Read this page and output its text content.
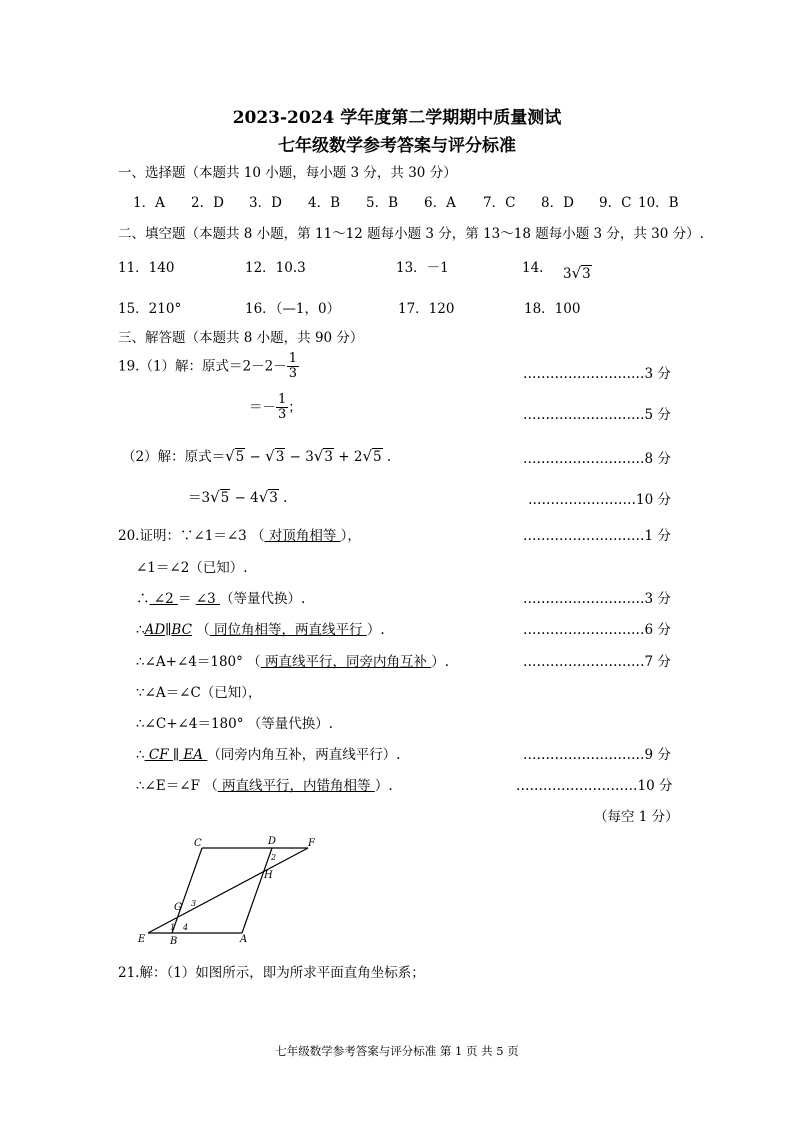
2023-2024 学年度第二学期期中质量测试
七年级数学参考答案与评分标准
一、选择题（本题共 10 小题，每小题 3 分，共 30 分）
1．A 2．D 3．D 4．B 5．B 6．A 7．C 8．D 9．C 10．B
二、填空题（本题共 8 小题，第 11～12 题每小题 3 分，第 13～18 题每小题 3 分，共 30 分）.
11．140	12．10.3	13．－1	14． 3√3
15．210°	16．（—1，0）	17．120	18．100
三、解答题（本题共 8 小题，共 90 分）
19.（1）解：原式$=2-2- \frac{1}{3}$	………………………3 分
＝－ $\frac{1}{3}$ ；	………………………5 分
（2）解：原式＝√5 − √3 − 3√3 + 2√5 .	………………………8 分
＝3√5 − 4√3 .	……………………10 分
20.证明：∵∠1＝∠3 （ 对顶角相等 ），	………………………1 分
∠1＝∠2（已知）.
∴ ∠2 ＝ ∠3 （等量代换）.	………………………3 分
∴AD∥BC （ 同位角相等，两直线平行 ）.	………………………6 分
∴∠A+∠4＝180° （ 两直线平行，同旁内角互补 ）.	………………………7 分
∵∠A＝∠C（已知），
∴∠C+∠4＝180° （等量代换）.
∴ CF ∥ EA （同旁内角互补，两直线平行）.	………………………9 分
∴∠E＝∠F （ 两直线平行，内错角相等 ）.	………………………10 分
（每空 1 分）
C	D	F
H
G
E B	A
1
2
3
4
21.解：（1）如图所示，即为所求平面直角坐标系；
七年级数学参考答案与评分标准 第 1 页 共 5 页
